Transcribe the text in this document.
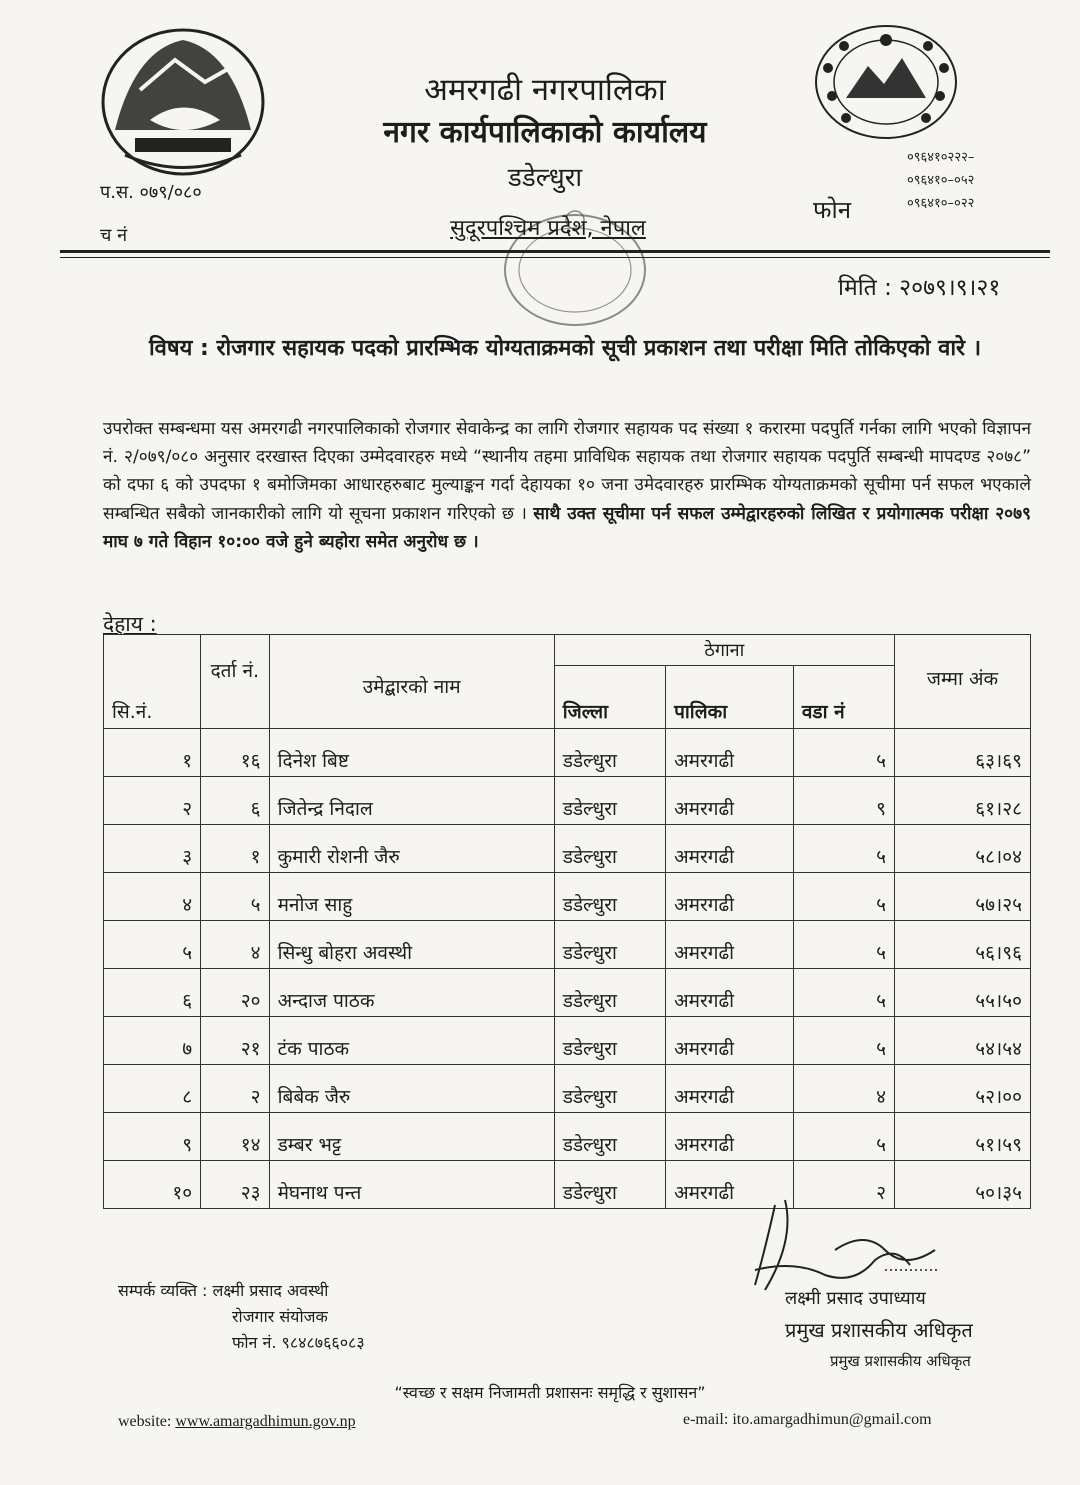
अमरगढी नगरपालिका
नगर कार्यपालिकाको कार्यालय
डडेल्धुरा
सुदूरपश्चिम प्रदेश, नेपाल
प.स. ०७९/०८०
च नं
फोन
०९६४१०२२२–
०९६४१०–०५२
०९६४१०–०२२
मिति : २०७९।९।२१
विषय : रोजगार सहायक पदको प्रारम्भिक योग्यताक्रमको सूची प्रकाशन तथा परीक्षा मिति तोकिएको वारे ।
उपरोक्त सम्बन्धमा यस अमरगढी नगरपालिकाको रोजगार सेवाकेन्द्र का लागि रोजगार सहायक पद संख्या १ करारमा पदपुर्ति गर्नका लागि भएको विज्ञापन नं. २/०७९/०८० अनुसार दरखास्त दिएका उम्मेदवारहरु मध्ये “स्थानीय तहमा प्राविधिक सहायक तथा रोजगार सहायक पदपुर्ति सम्बन्धी मापदण्ड २०७८” को दफा ६ को उपदफा १ बमोजिमका आधारहरुबाट मुल्याङ्कन गर्दा देहायका १० जना उमेदवारहरु प्रारम्भिक योग्यताक्रमको सूचीमा पर्न सफल भएकाले सम्बन्धित सबैको जानकारीको लागि यो सूचना प्रकाशन गरिएको छ । साथै उक्त सूचीमा पर्न सफल उम्मेद्वारहरुको लिखित र प्रयोगात्मक परीक्षा २०७९ माघ ७ गते विहान १०:०० वजे हुने ब्यहोरा समेत अनुरोध छ ।
देहाय :
सि.नं.	दर्ता नं.	उमेद्बारको नाम	ठेगाना			जम्मा अंक
			जिल्ला	पालिका	वडा नं	
१	१६	दिनेश बिष्ट	डडेल्धुरा	अमरगढी	५	६३।६९
२	६	जितेन्द्र निदाल	डडेल्धुरा	अमरगढी	९	६१।२८
३	१	कुमारी रोशनी जैरु	डडेल्धुरा	अमरगढी	५	५८।०४
४	५	मनोज साहु	डडेल्धुरा	अमरगढी	५	५७।२५
५	४	सिन्धु बोहरा अवस्थी	डडेल्धुरा	अमरगढी	५	५६।९६
६	२०	अन्दाज पाठक	डडेल्धुरा	अमरगढी	५	५५।५०
७	२१	टंक पाठक	डडेल्धुरा	अमरगढी	५	५४।५४
८	२	बिबेक जैरु	डडेल्धुरा	अमरगढी	४	५२।००
९	१४	डम्बर भट्ट	डडेल्धुरा	अमरगढी	५	५१।५९
१०	२३	मेघनाथ पन्त	डडेल्धुरा	अमरगढी	२	५०।३५
सम्पर्क व्यक्ति : लक्ष्मी प्रसाद अवस्थी
रोजगार संयोजक
फोन नं. ९८४८७६६०८३
लक्ष्मी प्रसाद उपाध्याय
प्रमुख प्रशासकीय अधिकृत
प्रमुख प्रशासकीय अधिकृत
“स्वच्छ र सक्षम निजामती प्रशासनः समृद्धि र सुशासन”
website: www.amargadhimun.gov.np	e-mail: ito.amargadhimun@gmail.com
